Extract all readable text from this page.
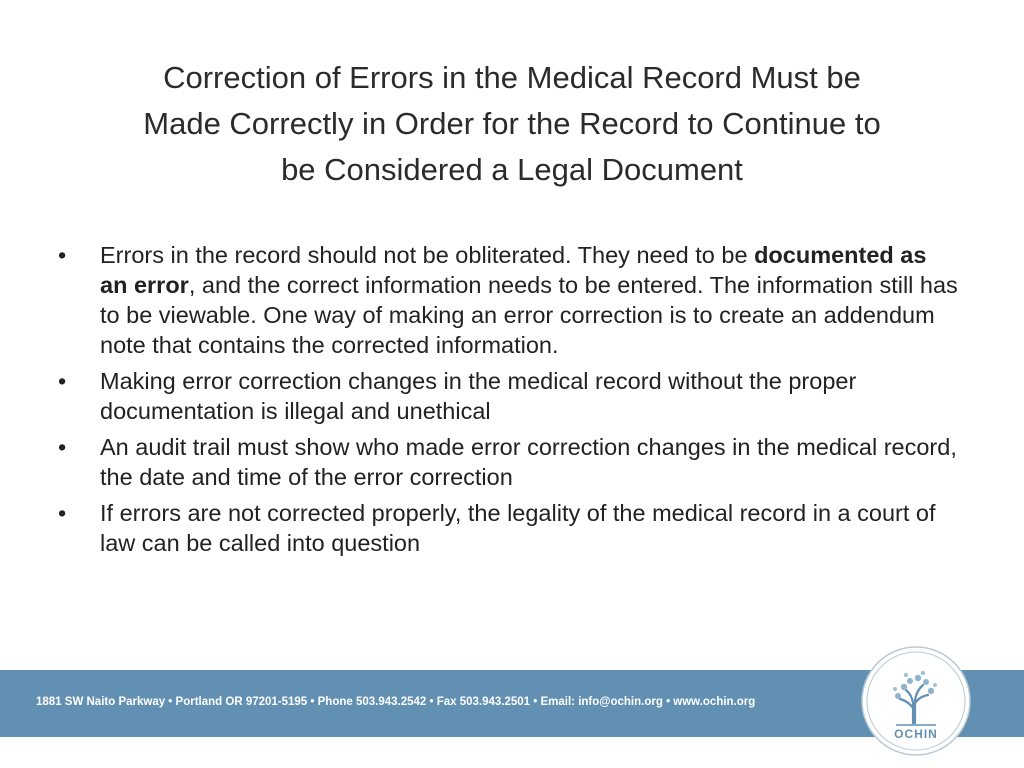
Correction of Errors in the Medical Record Must be
Made Correctly in Order for the Record to Continue to
be Considered a Legal Document
•	Errors in the record should not be obliterated. They need to be documented as an error, and the correct information needs to be entered. The information still has to be viewable. One way of making an error correction is to create an addendum note that contains the corrected information.
•	Making error correction changes in the medical record without the proper documentation is illegal and unethical
•	An audit trail must show who made error correction changes in the medical record, the date and time of the error correction
•	If errors are not corrected properly, the legality of the medical record in a court of law can be called into question
1881 SW Naito Parkway • Portland OR 97201-5195 • Phone 503.943.2542 • Fax 503.943.2501 • Email: info@ochin.org • www.ochin.org
OCHIN
